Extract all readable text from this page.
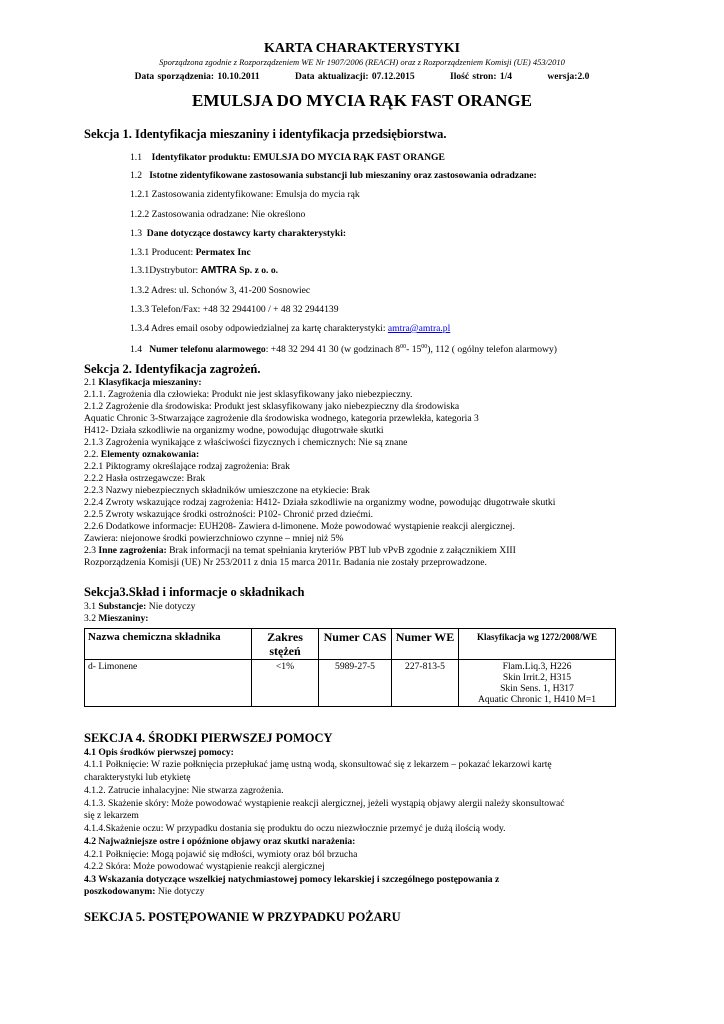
KARTA CHARAKTERYSTYKI
Sporządzona zgodnie z Rozporządzeniem WE Nr 1907/2006 (REACH) oraz z Rozporządzeniem Komisji (UE) 453/2010
Data sporządzenia: 10.10.2011	Data aktualizacji: 07.12.2015	Ilość stron: 1/4	wersja:2.0
EMULSJA DO MYCIA RĄK FAST ORANGE
Sekcja 1. Identyfikacja mieszaniny i identyfikacja przedsiębiorstwa.
1.1 Identyfikator produktu: EMULSJA DO MYCIA RĄK FAST ORANGE
1.2 Istotne zidentyfikowane zastosowania substancji lub mieszaniny oraz zastosowania odradzane:
1.2.1 Zastosowania zidentyfikowane: Emulsja do mycia rąk
1.2.2 Zastosowania odradzane: Nie określono
1.3 Dane dotyczące dostawcy karty charakterystyki:
1.3.1 Producent: Permatex Inc
1.3.1Dystrybutor: AMTRA Sp. z o. o.
1.3.2 Adres: ul. Schonów 3, 41-200 Sosnowiec
1.3.3 Telefon/Fax: +48 32 2944100 / + 48 32 2944139
1.3.4 Adres email osoby odpowiedzialnej za kartę charakterystyki: amtra@amtra.pl
1.4 Numer telefonu alarmowego: +48 32 294 41 30 (w godzinach $8^{00}-$ $15^{00}$), 112 ( ogólny telefon alarmowy)
Sekcja 2. Identyfikacja zagrożeń.
2.1 Klasyfikacja mieszaniny:
2.1.1. Zagrożenia dla człowieka: Produkt nie jest sklasyfikowany jako niebezpieczny.
2.1.2 Zagrożenie dla środowiska: Produkt jest sklasyfikowany jako niebezpieczny dla środowiska
Aquatic Chronic 3-Stwarzające zagrożenie dla środowiska wodnego, kategoria przewlekła, kategoria 3
H412- Działa szkodliwie na organizmy wodne, powodując długotrwałe skutki
2.1.3 Zagrożenia wynikające z właściwości fizycznych i chemicznych: Nie są znane
2.2. Elementy oznakowania:
2.2.1 Piktogramy określające rodzaj zagrożenia: Brak
2.2.2 Hasła ostrzegawcze: Brak
2.2.3 Nazwy niebezpiecznych składników umieszczone na etykiecie: Brak
2.2.4 Zwroty wskazujące rodzaj zagrożenia: H412- Działa szkodliwie na organizmy wodne, powodując długotrwałe skutki
2.2.5 Zwroty wskazujące środki ostrożności: P102- Chronić przed dziećmi.
2.2.6 Dodatkowe informacje: EUH208- Zawiera d-limonene. Może powodować wystąpienie reakcji alergicznej.
Zawiera: niejonowe środki powierzchniowo czynne – mniej niż 5%
2.3 Inne zagrożenia: Brak informacji na temat spełniania kryteriów PBT lub vPvB zgodnie z załącznikiem XIII
Rozporządzenia Komisji (UE) Nr 253/2011 z dnia 15 marca 2011r. Badania nie zostały przeprowadzone.
Sekcja3.Skład i informacje o składnikach
3.1 Substancje: Nie dotyczy
3.2 Mieszaniny:
Nazwa chemiczna składnika	Zakres stężeń	Numer CAS	Numer WE	Klasyfikacja wg 1272/2008/WE
d- Limonene	<1%	5989-27-5	227-813-5	Flam.Liq.3, H226
Skin Irrit.2, H315
Skin Sens. 1, H317
Aquatic Chronic 1, H410 M=1
SEKCJA 4. ŚRODKI PIERWSZEJ POMOCY
4.1 Opis środków pierwszej pomocy:
4.1.1 Połknięcie: W razie połknięcia przepłukać jamę ustną wodą, skonsultować się z lekarzem – pokazać lekarzowi kartę
charakterystyki lub etykietę
4.1.2. Zatrucie inhalacyjne: Nie stwarza zagrożenia.
4.1.3. Skażenie skóry: Może powodować wystąpienie reakcji alergicznej, jeżeli wystąpią objawy alergii należy skonsultować
się z lekarzem
4.1.4.Skażenie oczu: W przypadku dostania się produktu do oczu niezwłocznie przemyć je dużą ilością wody.
4.2 Najważniejsze ostre i opóźnione objawy oraz skutki narażenia:
4.2.1 Połknięcie: Mogą pojawić się mdłości, wymioty oraz ból brzucha
4.2.2 Skóra: Może powodować wystąpienie reakcji alergicznej
4.3 Wskazania dotyczące wszelkiej natychmiastowej pomocy lekarskiej i szczególnego postępowania z
poszkodowanym: Nie dotyczy
SEKCJA 5. POSTĘPOWANIE W PRZYPADKU POŻARU
